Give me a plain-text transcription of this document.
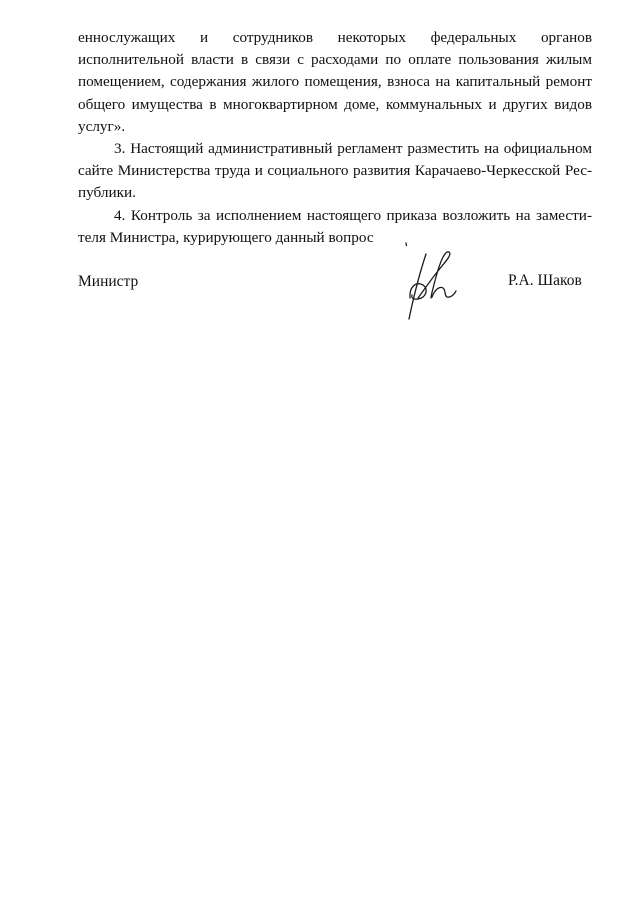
еннослужащих и сотрудников некоторых федеральных органов исполнительной власти в связи с расходами по оплате пользования жилым помещением, содержания жилого помещения, взноса на капитальный ремонт общего имущества в многоквартирном доме, коммунальных и других видов услуг».

3. Настоящий административный регламент разместить на официальном сайте Министерства труда и социального развития Карачаево-Черкесской Республики.

4. Контроль за исполнением настоящего приказа возложить на заместителя Министра, курирующего данный вопрос

Министр	Р.А. Шаков
